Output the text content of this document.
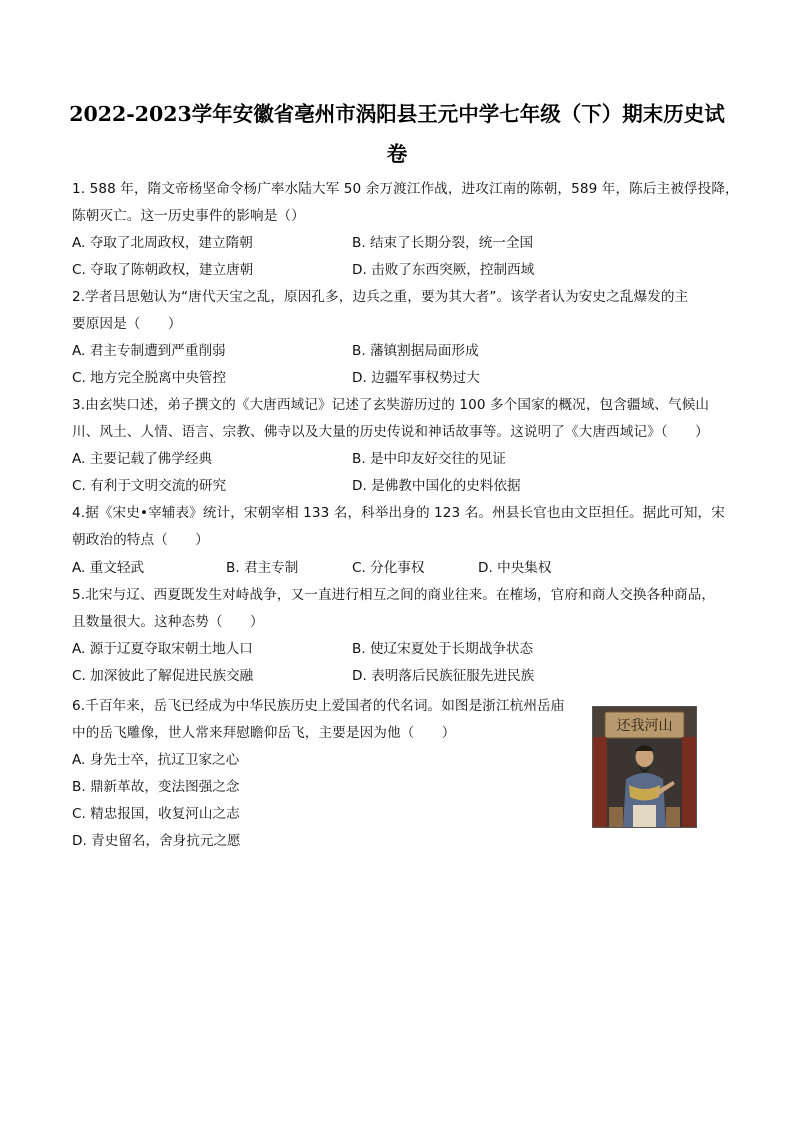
2022-2023学年安徽省亳州市涡阳县王元中学七年级（下）期末历史试
卷
1. 588 年，隋文帝杨坚命令杨广率水陆大军 50 余万渡江作战，进攻江南的陈朝，589 年，陈后主被俘投降，
陈朝灭亡。这一历史事件的影响是（）
A. 夺取了北周政权，建立隋朝	B. 结束了长期分裂，统一全国
C. 夺取了陈朝政权，建立唐朝	D. 击败了东西突厥，控制西域
2.学者吕思勉认为“唐代天宝之乱，原因孔多，边兵之重，要为其大者”。该学者认为安史之乱爆发的主
要原因是（　　）
A. 君主专制遭到严重削弱	B. 藩镇割据局面形成
C. 地方完全脱离中央管控	D. 边疆军事权势过大
3.由玄奘口述，弟子撰文的《大唐西域记》记述了玄奘游历过的 100 多个国家的概况，包含疆域、气候山
川、风土、人情、语言、宗教、佛寺以及大量的历史传说和神话故事等。这说明了《大唐西域记》（　　）
A. 主要记载了佛学经典	B. 是中印友好交往的见证
C. 有利于文明交流的研究	D. 是佛教中国化的史料依据
4.据《宋史•宰辅表》统计，宋朝宰相 133 名，科举出身的 123 名。州县长官也由文臣担任。据此可知，宋
朝政治的特点（　　）
A. 重文轻武	B. 君主专制	C. 分化事权	D. 中央集权
5.北宋与辽、西夏既发生对峙战争，又一直进行相互之间的商业往来。在榷场，官府和商人交换各种商品，
且数量很大。这种态势（　　）
A. 源于辽夏夺取宋朝土地人口	B. 使辽宋夏处于长期战争状态
C. 加深彼此了解促进民族交融	D. 表明落后民族征服先进民族
6.千百年来，岳飞已经成为中华民族历史上爱国者的代名词。如图是浙江杭州岳庙
中的岳飞雕像，世人常来拜慰瞻仰岳飞，主要是因为他（　　）
A. 身先士卒，抗辽卫家之心
B. 鼎新革故，变法图强之念
C. 精忠报国，收复河山之志
D. 青史留名，舍身抗元之愿
还我河山
